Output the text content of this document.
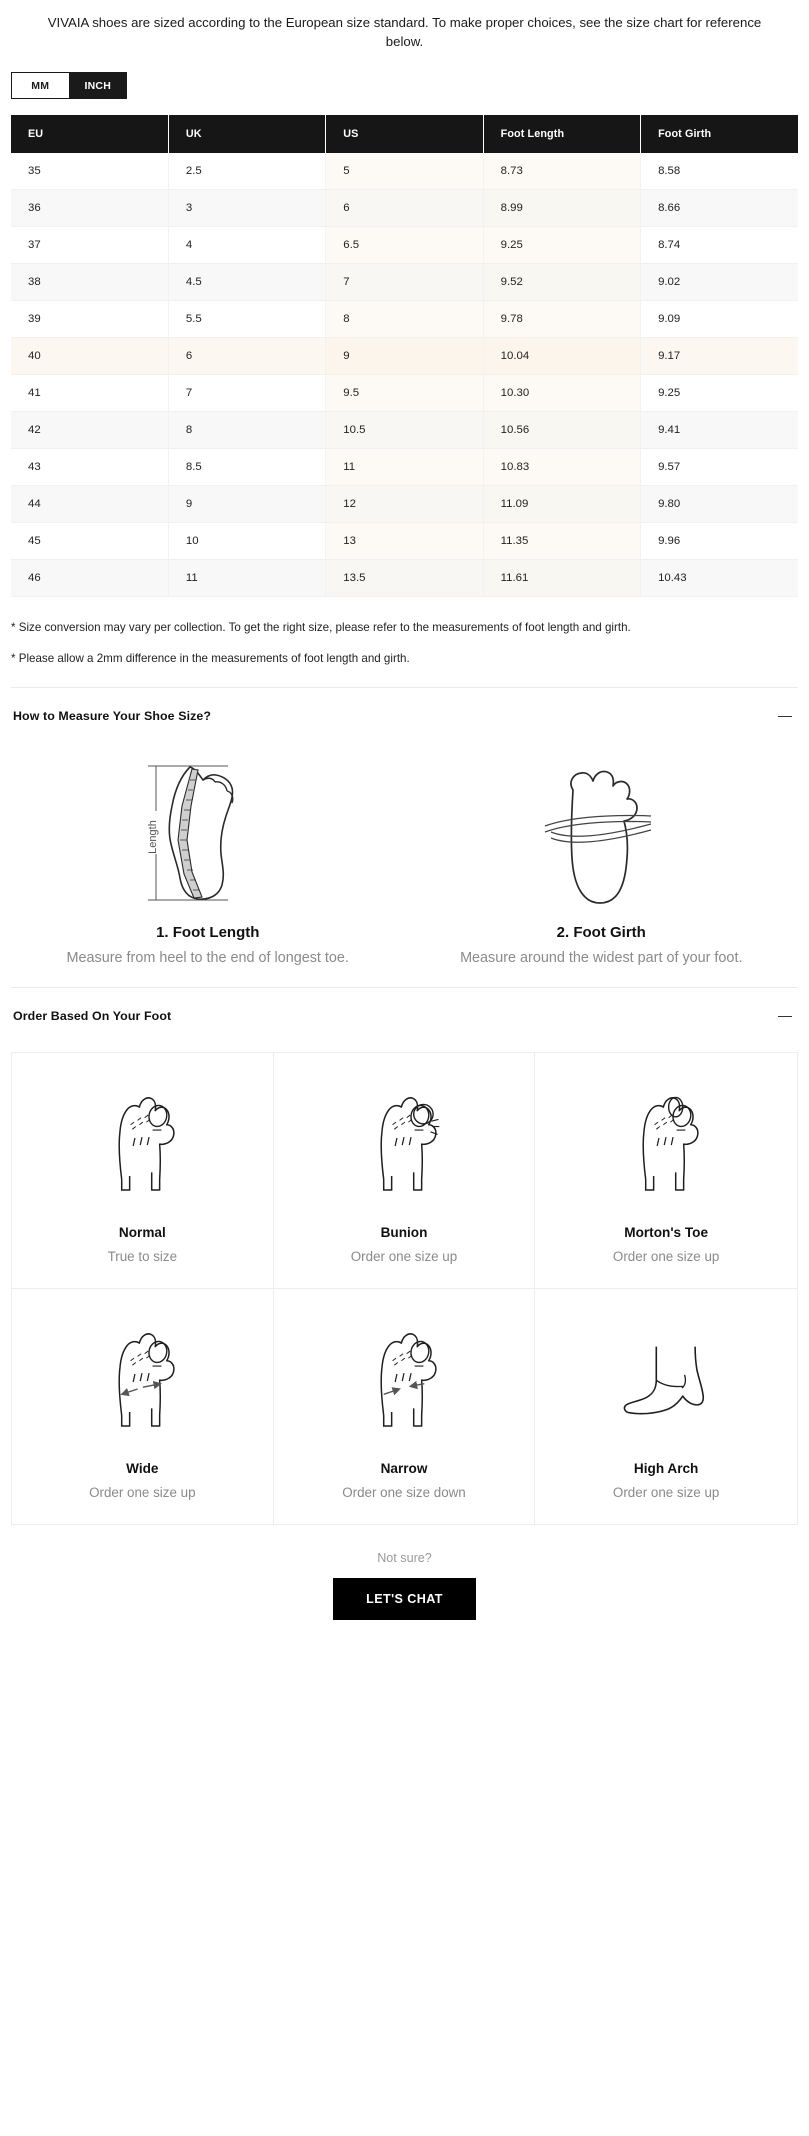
VIVAIA shoes are sized according to the European size standard. To make proper choices, see the size chart for reference below.
MM	INCH
EU	UK	US	Foot Length	Foot Girth
35	2.5	5	8.73	8.58
36	3	6	8.99	8.66
37	4	6.5	9.25	8.74
38	4.5	7	9.52	9.02
39	5.5	8	9.78	9.09
40	6	9	10.04	9.17
41	7	9.5	10.30	9.25
42	8	10.5	10.56	9.41
43	8.5	11	10.83	9.57
44	9	12	11.09	9.80
45	10	13	11.35	9.96
46	11	13.5	11.61	10.43
* Size conversion may vary per collection. To get the right size, please refer to the measurements of foot length and girth.
* Please allow a 2mm difference in the measurements of foot length and girth.
How to Measure Your Shoe Size?
Length
1. Foot Length
Measure from heel to the end of longest toe.
2. Foot Girth
Measure around the widest part of your foot.
Order Based On Your Foot
Normal
True to size
Bunion
Order one size up
Morton's Toe
Order one size up
Wide
Order one size up
Narrow
Order one size down
High Arch
Order one size up
Not sure?
LET'S CHAT
